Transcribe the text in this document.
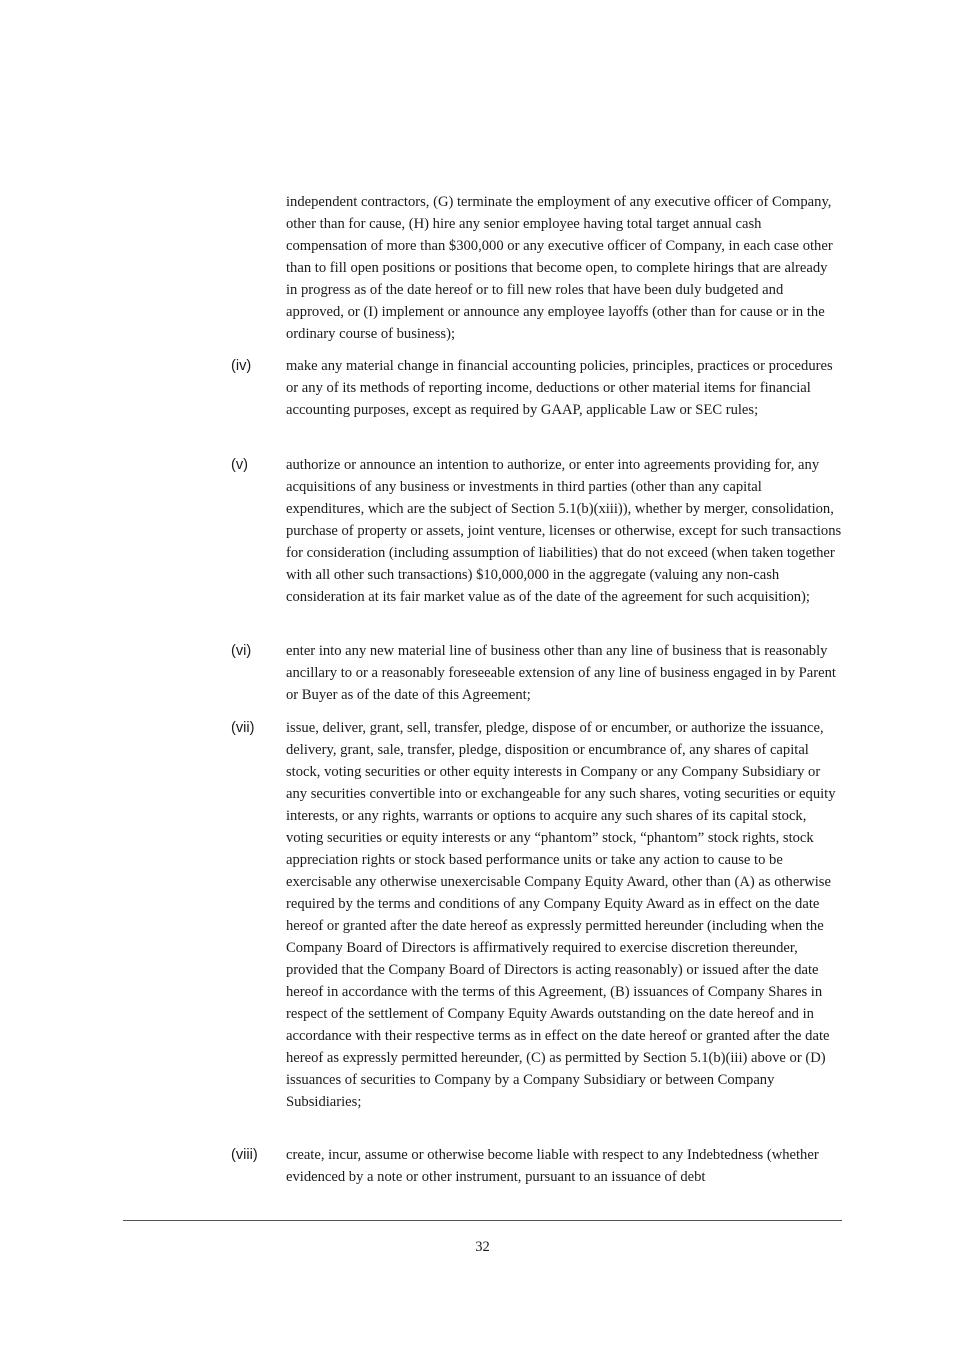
independent contractors, (G) terminate the employment of any executive officer of Company, other than for cause, (H) hire any senior employee having total target annual cash compensation of more than $300,000 or any executive officer of Company, in each case other than to fill open positions or positions that become open, to complete hirings that are already in progress as of the date hereof or to fill new roles that have been duly budgeted and approved, or (I) implement or announce any employee layoffs (other than for cause or in the ordinary course of business);

(iv) make any material change in financial accounting policies, principles, practices or procedures or any of its methods of reporting income, deductions or other material items for financial accounting purposes, except as required by GAAP, applicable Law or SEC rules;

(v)	authorize or announce an intention to authorize, or enter into agreements providing for, any acquisitions of any business or investments in third parties (other than any capital expenditures, which are the subject of Section 5.1(b)(xiii)), whether by merger, consolidation, purchase of property or assets, joint venture, licenses or otherwise, except for such transactions for consideration (including assumption of liabilities) that do not exceed (when taken together with all other such transactions) $10,000,000 in the aggregate (valuing any non-cash consideration at its fair market value as of the date of the agreement for such acquisition);

(vi) enter into any new material line of business other than any line of business that is reasonably ancillary to or a reasonably foreseeable extension of any line of business engaged in by Parent or Buyer as of the date of this Agreement;

(vii) issue, deliver, grant, sell, transfer, pledge, dispose of or encumber, or authorize the issuance, delivery, grant, sale, transfer, pledge, disposition or encumbrance of, any shares of capital stock, voting securities or other equity interests in Company or any Company Subsidiary or any securities convertible into or exchangeable for any such shares, voting securities or equity interests, or any rights, warrants or options to acquire any such shares of its capital stock, voting securities or equity interests or any “phantom” stock, “phantom” stock rights, stock appreciation rights or stock based performance units or take any action to cause to be exercisable any otherwise unexercisable Company Equity Award, other than (A) as otherwise required by the terms and conditions of any Company Equity Award as in effect on the date hereof or granted after the date hereof as expressly permitted hereunder (including when the Company Board of Directors is affirmatively required to exercise discretion thereunder, provided that the Company Board of Directors is acting reasonably) or issued after the date hereof in accordance with the terms of this Agreement, (B) issuances of Company Shares in respect of the settlement of Company Equity Awards outstanding on the date hereof and in accordance with their respective terms as in effect on the date hereof or granted after the date hereof as expressly permitted hereunder, (C) as permitted by Section 5.1(b)(iii) above or (D) issuances of securities to Company by a Company Subsidiary or between Company Subsidiaries;

(viii) create, incur, assume or otherwise become liable with respect to any Indebtedness (whether evidenced by a note or other instrument, pursuant to an issuance of debt

32
